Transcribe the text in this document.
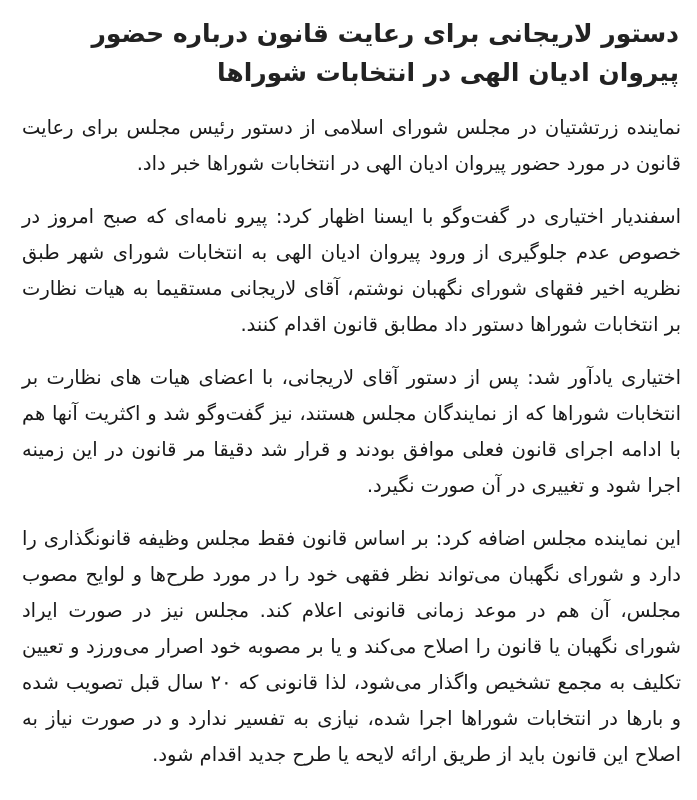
دستور لاریجانی برای رعایت قانون درباره حضور پیروان ادیان الهی در انتخابات شوراها

نماینده زرتشتیان در مجلس شورای اسلامی از دستور رئیس مجلس برای رعایت قانون در مورد حضور پیروان ادیان الهی در انتخابات شوراها خبر داد.

اسفندیار اختیاری در گفت‌وگو با ایسنا اظهار کرد: پیرو نامه‌ای که صبح امروز در خصوص عدم جلوگیری از ورود پیروان ادیان الهی به انتخابات شورای شهر طبق نظریه اخیر فقهای شورای نگهبان نوشتم، آقای لاریجانی مستقیما به هیات نظارت بر انتخابات شوراها دستور داد مطابق قانون اقدام کنند.

اختیاری یادآور شد: پس از دستور آقای لاریجانی، با اعضای هیات های نظارت بر انتخابات شوراها که از نمایندگان مجلس هستند، نیز گفت‌وگو شد و اکثریت آنها هم با ادامه اجرای قانون فعلی موافق بودند و قرار شد دقیقا مر قانون در این زمینه اجرا شود و تغییری در آن صورت نگیرد.

این نماینده مجلس اضافه کرد: بر اساس قانون فقط مجلس وظیفه قانونگذاری را دارد و شورای نگهبان می‌تواند نظر فقهی خود را در مورد طرح‌ها و لوایح مصوب مجلس، آن هم در موعد زمانی قانونی اعلام کند. مجلس نیز در صورت ایراد شورای نگهبان یا قانون را اصلاح می‌کند و یا بر مصوبه خود اصرار می‌ورزد و تعیین تکلیف به مجمع تشخیص واگذار می‌شود، لذا قانونی که ۲۰ سال قبل تصویب شده و بارها در انتخابات شوراها اجرا شده، نیازی به تفسیر ندارد و در صورت نیاز به اصلاح این قانون باید از طریق ارائه لایحه یا طرح جدید اقدام شود.
